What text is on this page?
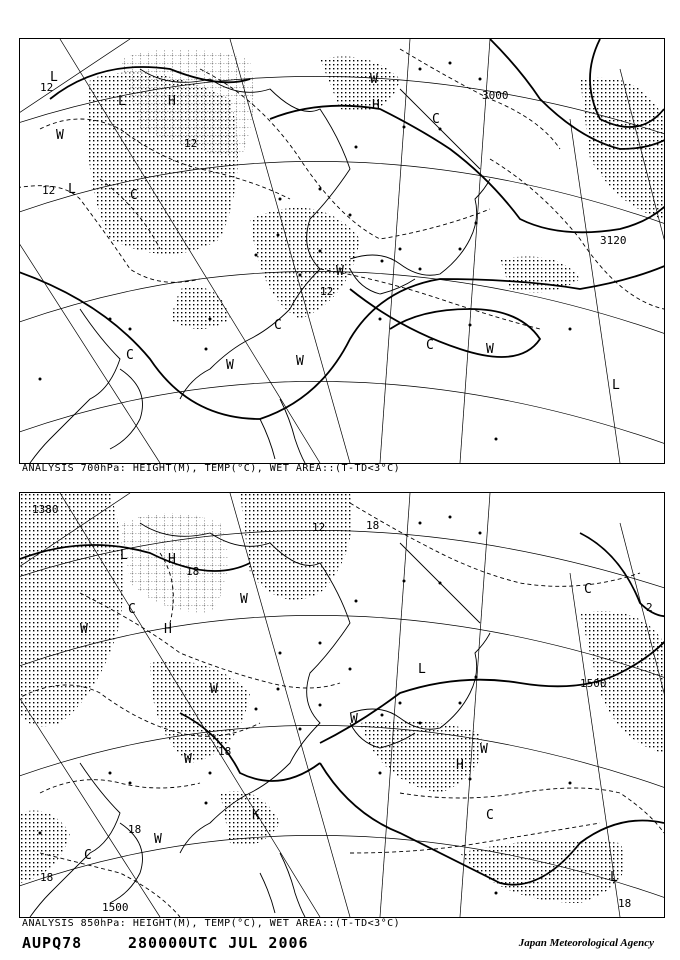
3000
3120
12
12
12
12
L
L
L
H	H
L
C
C
C
C
C
W
W
W
W
W
W
ANALYSIS 700hPa: HEIGHT(M), TEMP(°C), WET AREA::(T-TD<3°C)
1500
1500
1380
12	18
18
18
18
18
18
2
L
L
L
H
H
H
C
C
C
C
W
W
W
W
W
W
W
K
ANALYSIS 850hPa: HEIGHT(M), TEMP(°C), WET AREA::(T-TD<3°C)
AUPQ78	280000UTC JUL 2006	Japan Meteorological Agency
